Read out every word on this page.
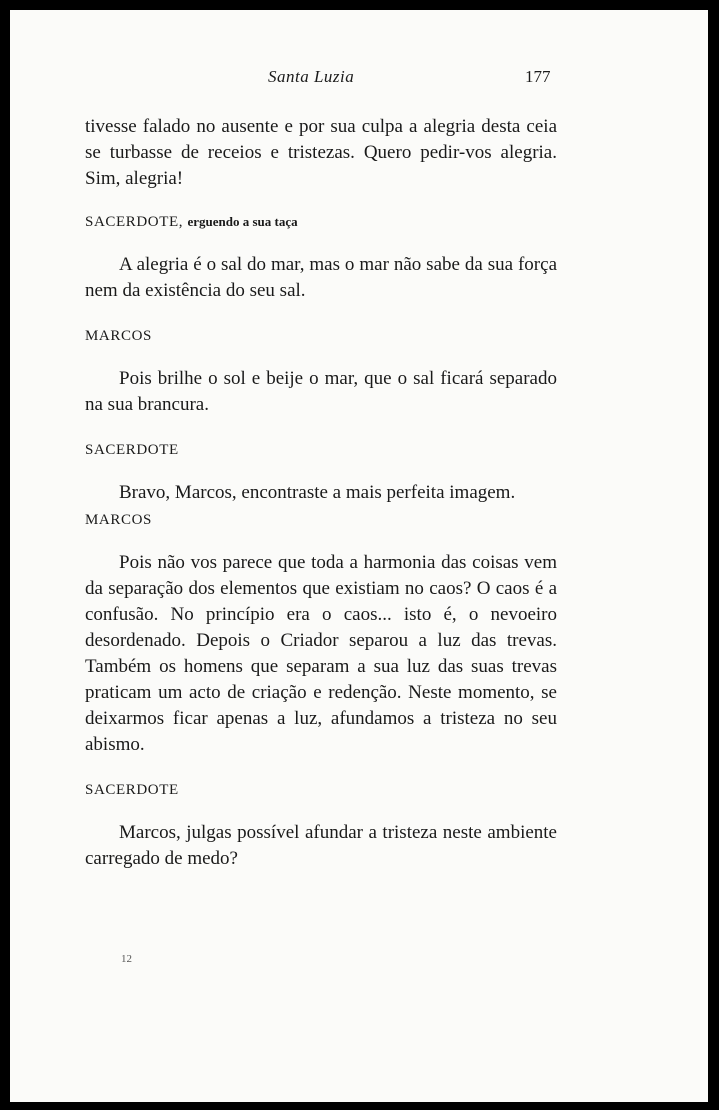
Santa Luzia	177

tivesse falado no ausente e por sua culpa a alegria desta ceia se turbasse de receios e tristezas. Quero pedir-vos alegria. Sim, alegria!

SACERDOTE, erguendo a sua taça

A alegria é o sal do mar, mas o mar não sabe da sua força nem da existência do seu sal.

MARCOS

Pois brilhe o sol e beije o mar, que o sal ficará separado na sua brancura.

SACERDOTE

Bravo, Marcos, encontraste a mais perfeita imagem.

MARCOS

Pois não vos parece que toda a harmonia das coisas vem da separação dos elementos que existiam no caos? O caos é a confusão. No princípio era o caos... isto é, o nevoeiro desordenado. Depois o Criador separou a luz das trevas. Também os homens que separam a sua luz das suas trevas praticam um acto de criação e redenção. Neste momento, se deixarmos ficar apenas a luz, afundamos a tristeza no seu abismo.

SACERDOTE

Marcos, julgas possível afundar a tristeza neste ambiente carregado de medo?

12
